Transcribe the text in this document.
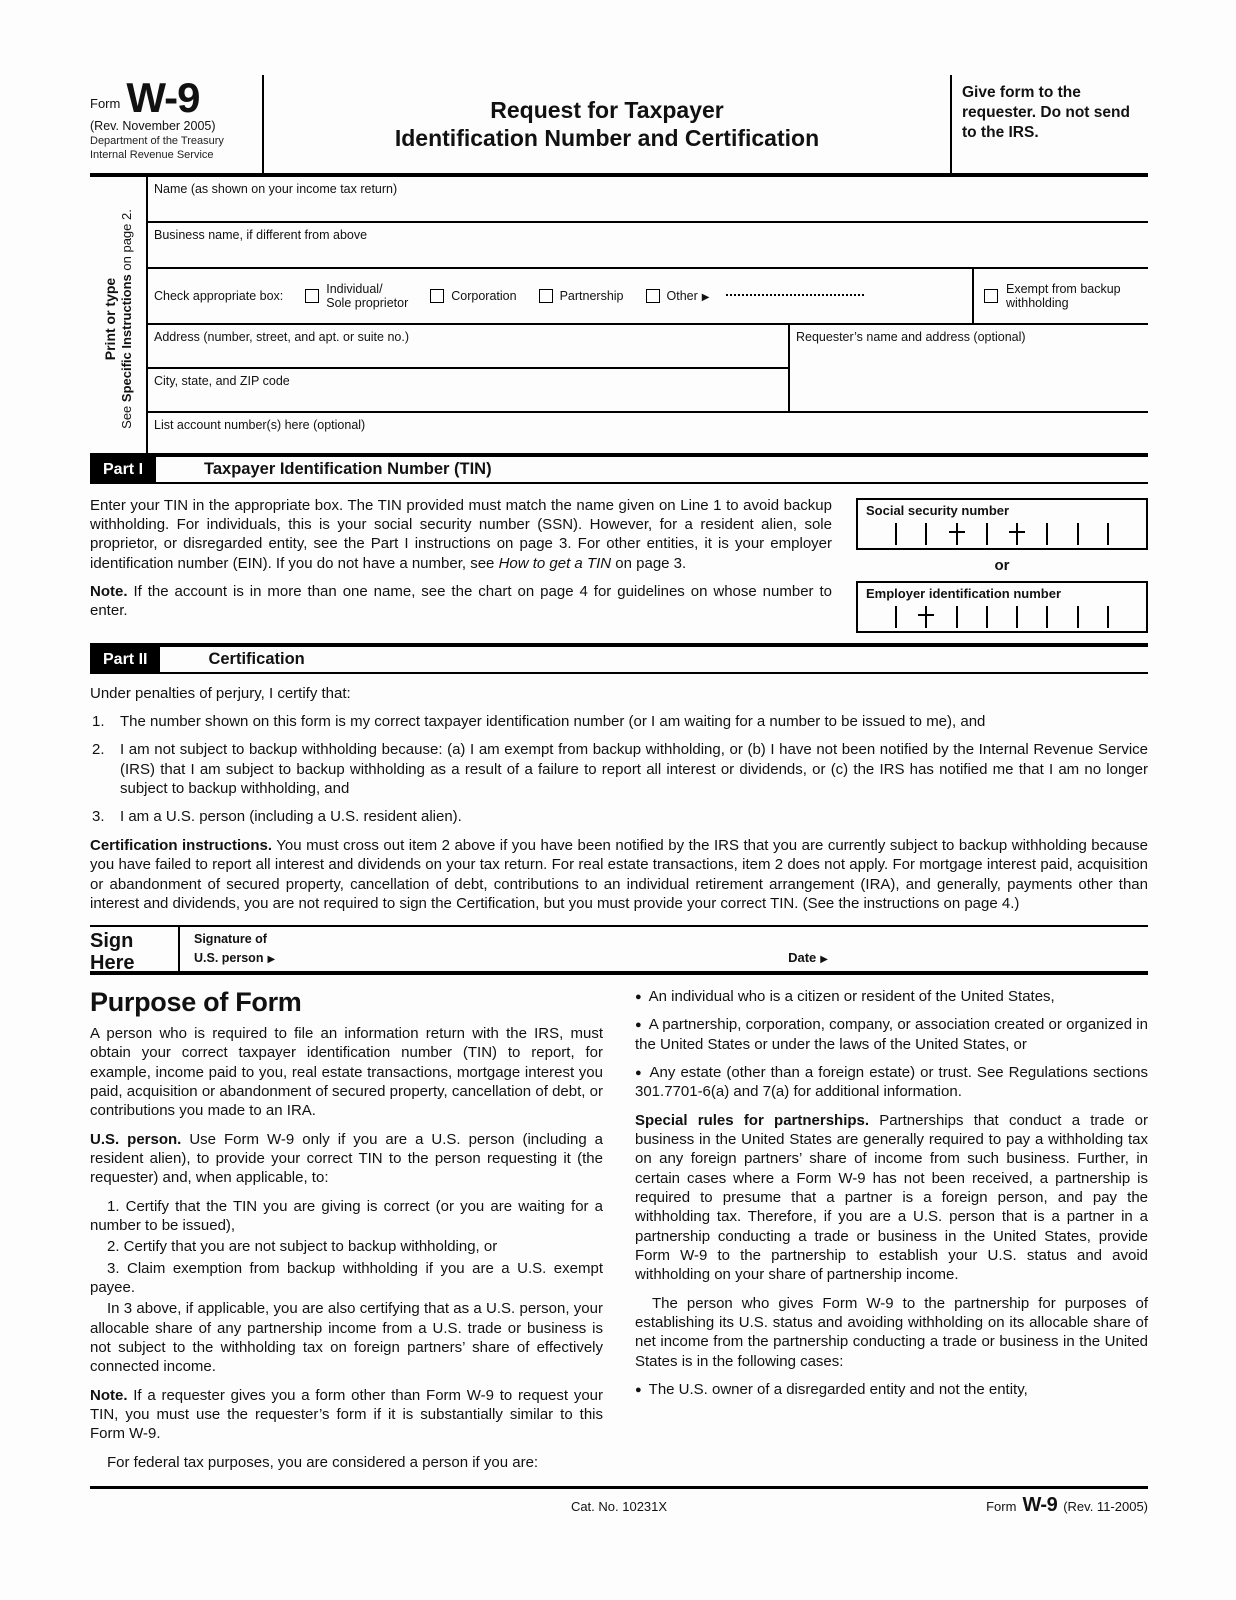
Form W-9
(Rev. November 2005)
Department of the Treasury
Internal Revenue Service
Request for Taxpayer
Identification Number and Certification
Give form to the requester. Do not send to the IRS.
Print or type
See Specific Instructions on page 2.
Name (as shown on your income tax return)
Business name, if different from above
Check appropriate box:
Individual/
Sole proprietor	Corporation	Partnership	Other ▶
Exempt from backup withholding
Address (number, street, and apt. or suite no.)
City, state, and ZIP code
Requester’s name and address (optional)
List account number(s) here (optional)
Part I	Taxpayer Identification Number (TIN)

Enter your TIN in the appropriate box. The TIN provided must match the name given on Line 1 to avoid backup withholding. For individuals, this is your social security number (SSN). However, for a resident alien, sole proprietor, or disregarded entity, see the Part I instructions on page 3. For other entities, it is your employer identification number (EIN). If you do not have a number, see How to get a TIN on page 3.

Note. If the account is in more than one name, see the chart on page 4 for guidelines on whose number to enter.

Social security number
or
Employer identification number
Part II	Certification

Under penalties of perjury, I certify that:

1.	The number shown on this form is my correct taxpayer identification number (or I am waiting for a number to be issued to me), and
2.	I am not subject to backup withholding because: (a) I am exempt from backup withholding, or (b) I have not been notified by the Internal Revenue Service (IRS) that I am subject to backup withholding as a result of a failure to report all interest or dividends, or (c) the IRS has notified me that I am no longer subject to backup withholding, and
3.	I am a U.S. person (including a U.S. resident alien).

Certification instructions. You must cross out item 2 above if you have been notified by the IRS that you are currently subject to backup withholding because you have failed to report all interest and dividends on your tax return. For real estate transactions, item 2 does not apply. For mortgage interest paid, acquisition or abandonment of secured property, cancellation of debt, contributions to an individual retirement arrangement (IRA), and generally, payments other than interest and dividends, you are not required to sign the Certification, but you must provide your correct TIN. (See the instructions on page 4.)

Sign
Here
Signature of
U.S. person ▶	Date ▶
Purpose of Form

A person who is required to file an information return with the IRS, must obtain your correct taxpayer identification number (TIN) to report, for example, income paid to you, real estate transactions, mortgage interest you paid, acquisition or abandonment of secured property, cancellation of debt, or contributions you made to an IRA.

U.S. person. Use Form W-9 only if you are a U.S. person (including a resident alien), to provide your correct TIN to the person requesting it (the requester) and, when applicable, to:

1. Certify that the TIN you are giving is correct (or you are waiting for a number to be issued),

2. Certify that you are not subject to backup withholding, or

3. Claim exemption from backup withholding if you are a U.S. exempt payee.

In 3 above, if applicable, you are also certifying that as a U.S. person, your allocable share of any partnership income from a U.S. trade or business is not subject to the withholding tax on foreign partners’ share of effectively connected income.

Note. If a requester gives you a form other than Form W-9 to request your TIN, you must use the requester’s form if it is substantially similar to this Form W-9.

For federal tax purposes, you are considered a person if you are:

● An individual who is a citizen or resident of the United States,

● A partnership, corporation, company, or association created or organized in the United States or under the laws of the United States, or

● Any estate (other than a foreign estate) or trust. See Regulations sections 301.7701-6(a) and 7(a) for additional information.

Special rules for partnerships. Partnerships that conduct a trade or business in the United States are generally required to pay a withholding tax on any foreign partners’ share of income from such business. Further, in certain cases where a Form W-9 has not been received, a partnership is required to presume that a partner is a foreign person, and pay the withholding tax. Therefore, if you are a U.S. person that is a partner in a partnership conducting a trade or business in the United States, provide Form W-9 to the partnership to establish your U.S. status and avoid withholding on your share of partnership income.

The person who gives Form W-9 to the partnership for purposes of establishing its U.S. status and avoiding withholding on its allocable share of net income from the partnership conducting a trade or business in the United States is in the following cases:

● The U.S. owner of a disregarded entity and not the entity,

Cat. No. 10231X	Form W-9 (Rev. 11-2005)
